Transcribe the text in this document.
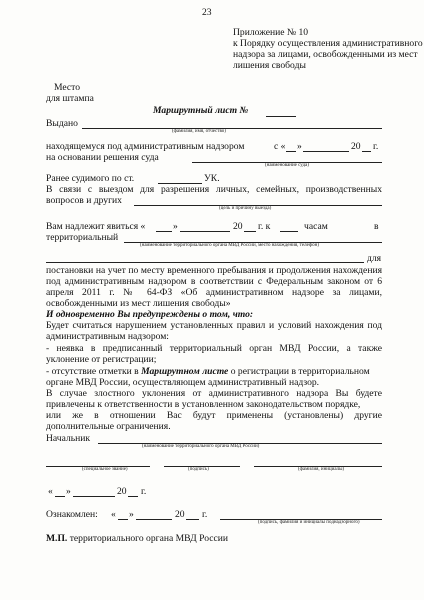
23
Приложение № 10
к Порядку осуществления административного
надзора за лицами, освобожденными из мест
лишения свободы
Место
для штампа
Маршрутный лист №
Выдано
(фамилия, имя, отчество)
находящемуся под административным надзором	с « »	20 г.
на основании решения суда
(наименование суда)
Ранее судимого по ст.	УК.
В связи с выездом для разрешения личных, семейных, производственных
вопросов и других
(цель и причину выезда)
Вам надлежит явиться «	»	20 г. к	часам	в
территориальный
(наименование территориального органа МВД России, место нахождения, телефон)
для
постановки на учет по месту временного пребывания и продолжения нахождения
под административным надзором в соответствии с Федеральным законом от 6
апреля 2011 г. № 64-ФЗ «Об административном надзоре за лицами,
освобожденными из мест лишения свободы»
И одновременно Вы предупреждены о том, что:
Будет считаться нарушением установленных правил и условий нахождения под
административным надзором:
- неявка в предписанный территориальный орган МВД России, а также
уклонение от регистрации;
- отсутствие отметки в Маршрутном листе о регистрации в территориальном
органе МВД России, осуществляющем административный надзор.
В случае злостного уклонения от административного надзора Вы будете
привлечены к ответственности в установленном законодательством порядке,
или же в отношении Вас будут применены (установлены) другие
дополнительные ограничения.
Начальник
(наименование территориального органа МВД России)
(специальное звание)	(подпись)	(фамилия, инициалы)
« »	20 г.
Ознакомлен: « »	20 г.
(подпись, фамилия и инициалы поднадзорного)
М.П. территориального органа МВД России
